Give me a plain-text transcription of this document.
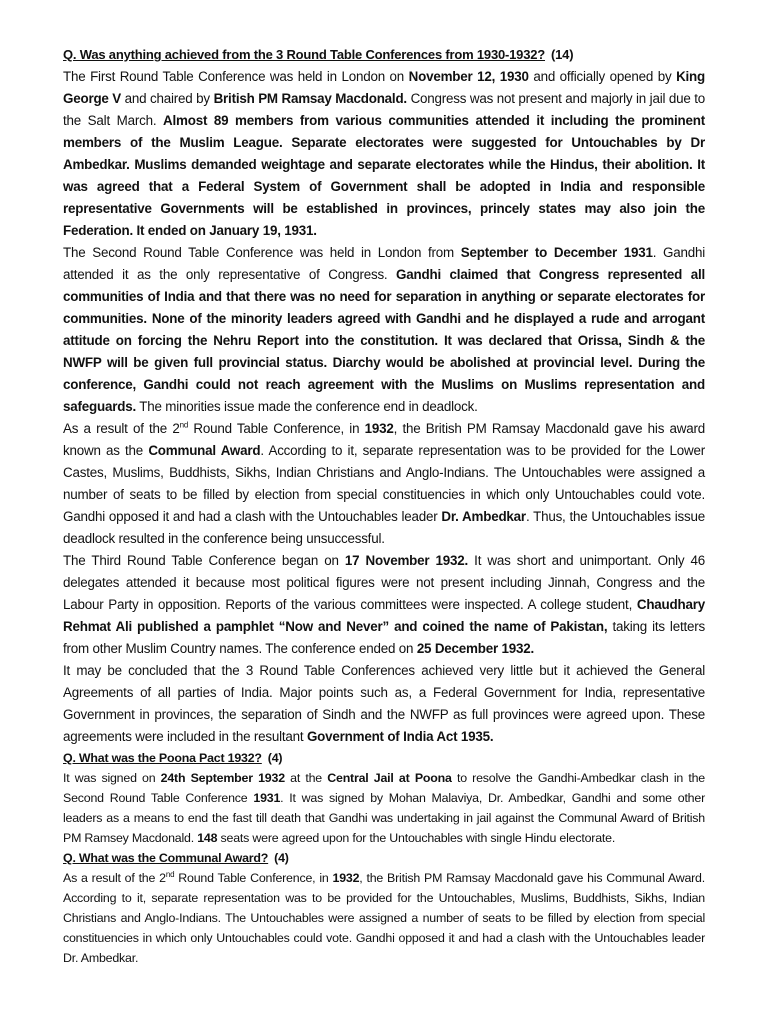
Q. Was anything achieved from the 3 Round Table Conferences from 1930-1932? (14)

The First Round Table Conference was held in London on November 12, 1930 and officially opened by King George V and chaired by British PM Ramsay Macdonald. Congress was not present and majorly in jail due to the Salt March. Almost 89 members from various communities attended it including the prominent members of the Muslim League. Separate electorates were suggested for Untouchables by Dr Ambedkar. Muslims demanded weightage and separate electorates while the Hindus, their abolition. It was agreed that a Federal System of Government shall be adopted in India and responsible representative Governments will be established in provinces, princely states may also join the Federation. It ended on January 19, 1931.

The Second Round Table Conference was held in London from September to December 1931. Gandhi attended it as the only representative of Congress. Gandhi claimed that Congress represented all communities of India and that there was no need for separation in anything or separate electorates for communities. None of the minority leaders agreed with Gandhi and he displayed a rude and arrogant attitude on forcing the Nehru Report into the constitution. It was declared that Orissa, Sindh & the NWFP will be given full provincial status. Diarchy would be abolished at provincial level. During the conference, Gandhi could not reach agreement with the Muslims on Muslims representation and safeguards. The minorities issue made the conference end in deadlock.

As a result of the 2nd Round Table Conference, in 1932, the British PM Ramsay Macdonald gave his award known as the Communal Award. According to it, separate representation was to be provided for the Lower Castes, Muslims, Buddhists, Sikhs, Indian Christians and Anglo-Indians. The Untouchables were assigned a number of seats to be filled by election from special constituencies in which only Untouchables could vote. Gandhi opposed it and had a clash with the Untouchables leader Dr. Ambedkar. Thus, the Untouchables issue deadlock resulted in the conference being unsuccessful.

The Third Round Table Conference began on 17 November 1932. It was short and unimportant. Only 46 delegates attended it because most political figures were not present including Jinnah, Congress and the Labour Party in opposition. Reports of the various committees were inspected. A college student, Chaudhary Rehmat Ali published a pamphlet “Now and Never” and coined the name of Pakistan, taking its letters from other Muslim Country names. The conference ended on 25 December 1932.

It may be concluded that the 3 Round Table Conferences achieved very little but it achieved the General Agreements of all parties of India. Major points such as, a Federal Government for India, representative Government in provinces, the separation of Sindh and the NWFP as full provinces were agreed upon. These agreements were included in the resultant Government of India Act 1935.

Q. What was the Poona Pact 1932? (4)

It was signed on 24th September 1932 at the Central Jail at Poona to resolve the Gandhi-Ambedkar clash in the Second Round Table Conference 1931. It was signed by Mohan Malaviya, Dr. Ambedkar, Gandhi and some other leaders as a means to end the fast till death that Gandhi was undertaking in jail against the Communal Award of British PM Ramsey Macdonald. 148 seats were agreed upon for the Untouchables with single Hindu electorate.

Q. What was the Communal Award? (4)

As a result of the 2nd Round Table Conference, in 1932, the British PM Ramsay Macdonald gave his Communal Award. According to it, separate representation was to be provided for the Untouchables, Muslims, Buddhists, Sikhs, Indian Christians and Anglo-Indians. The Untouchables were assigned a number of seats to be filled by election from special constituencies in which only Untouchables could vote. Gandhi opposed it and had a clash with the Untouchables leader Dr. Ambedkar.
